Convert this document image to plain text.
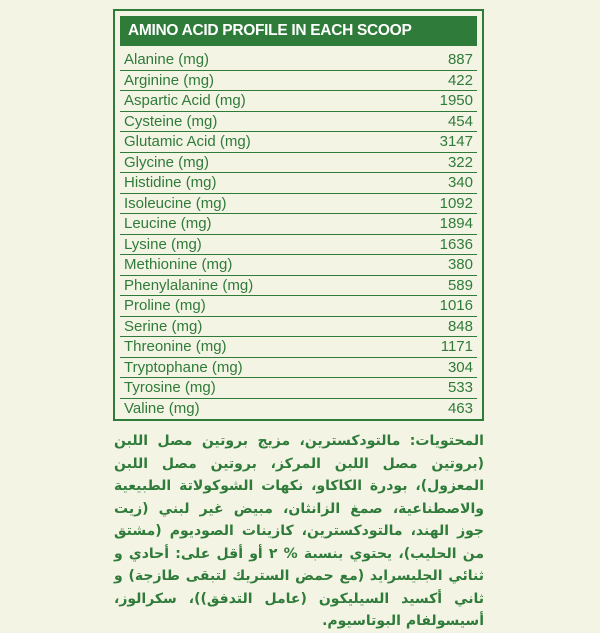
AMINO ACID PROFILE IN EACH SCOOP
Alanine (mg)	887
Arginine (mg)	422
Aspartic Acid (mg)	1950
Cysteine (mg)	454
Glutamic Acid (mg)	3147
Glycine (mg)	322
Histidine (mg)	340
Isoleucine (mg)	1092
Leucine (mg)	1894
Lysine (mg)	1636
Methionine (mg)	380
Phenylalanine (mg)	589
Proline (mg)	1016
Serine (mg)	848
Threonine (mg)	1171
Tryptophane (mg)	304
Tyrosine (mg)	533
Valine (mg)	463
المحتويات: مالتودكسترين، مزيج بروتين مصل اللبن (بروتين مصل اللبن المركز، بروتين مصل اللبن المعزول)، بودرة الكاكاو، نكهات الشوكولاتة الطبيعية والاصطناعية، صمغ الزانثان، مبيض غير لبني (زيت جوز الهند، مالتودكسترين، كازينات الصوديوم (مشتق من الحليب)، يحتوي بنسبة % ٢ أو أقل على: أحادي و ثنائي الجليسرايد (مع حمض الستريك لتبقى طازجة) و ثاني أكسيد السيليكون (عامل التدفق))، سكرالوز، أسيسولفام البوتاسيوم.
